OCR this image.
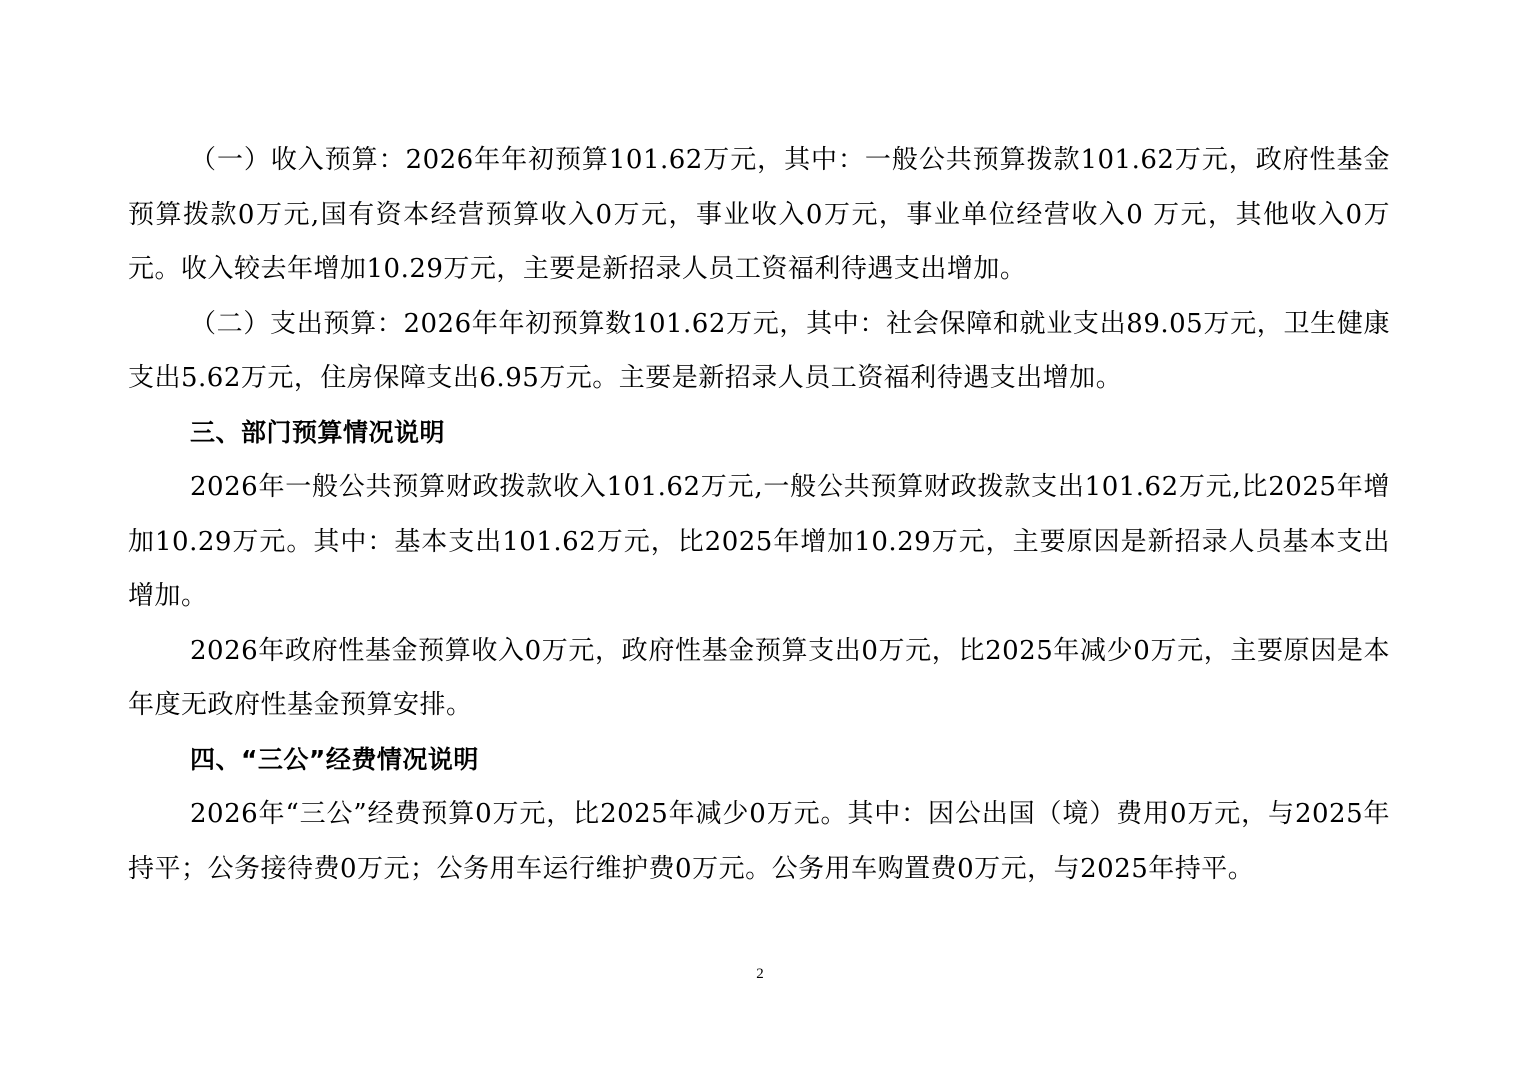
（一）收入预算：2026年年初预算101.62万元，其中：一般公共预算拨款101.62万元，政府性基金预算拨款0万元,国有资本经营预算收入0万元，事业收入0万元，事业单位经营收入0 万元，其他收入0万元。收入较去年增加10.29万元，主要是新招录人员工资福利待遇支出增加。

（二）支出预算：2026年年初预算数101.62万元，其中：社会保障和就业支出89.05万元，卫生健康支出5.62万元，住房保障支出6.95万元。主要是新招录人员工资福利待遇支出增加。

三、部门预算情况说明

2026年一般公共预算财政拨款收入101.62万元,一般公共预算财政拨款支出101.62万元,比2025年增加10.29万元。其中：基本支出101.62万元，比2025年增加10.29万元，主要原因是新招录人员基本支出增加。

2026年政府性基金预算收入0万元，政府性基金预算支出0万元，比2025年减少0万元，主要原因是本年度无政府性基金预算安排。

四、“三公”经费情况说明

2026年“三公”经费预算0万元，比2025年减少0万元。其中：因公出国（境）费用0万元，与2025年持平；公务接待费0万元；公务用车运行维护费0万元。公务用车购置费0万元，与2025年持平。

2
